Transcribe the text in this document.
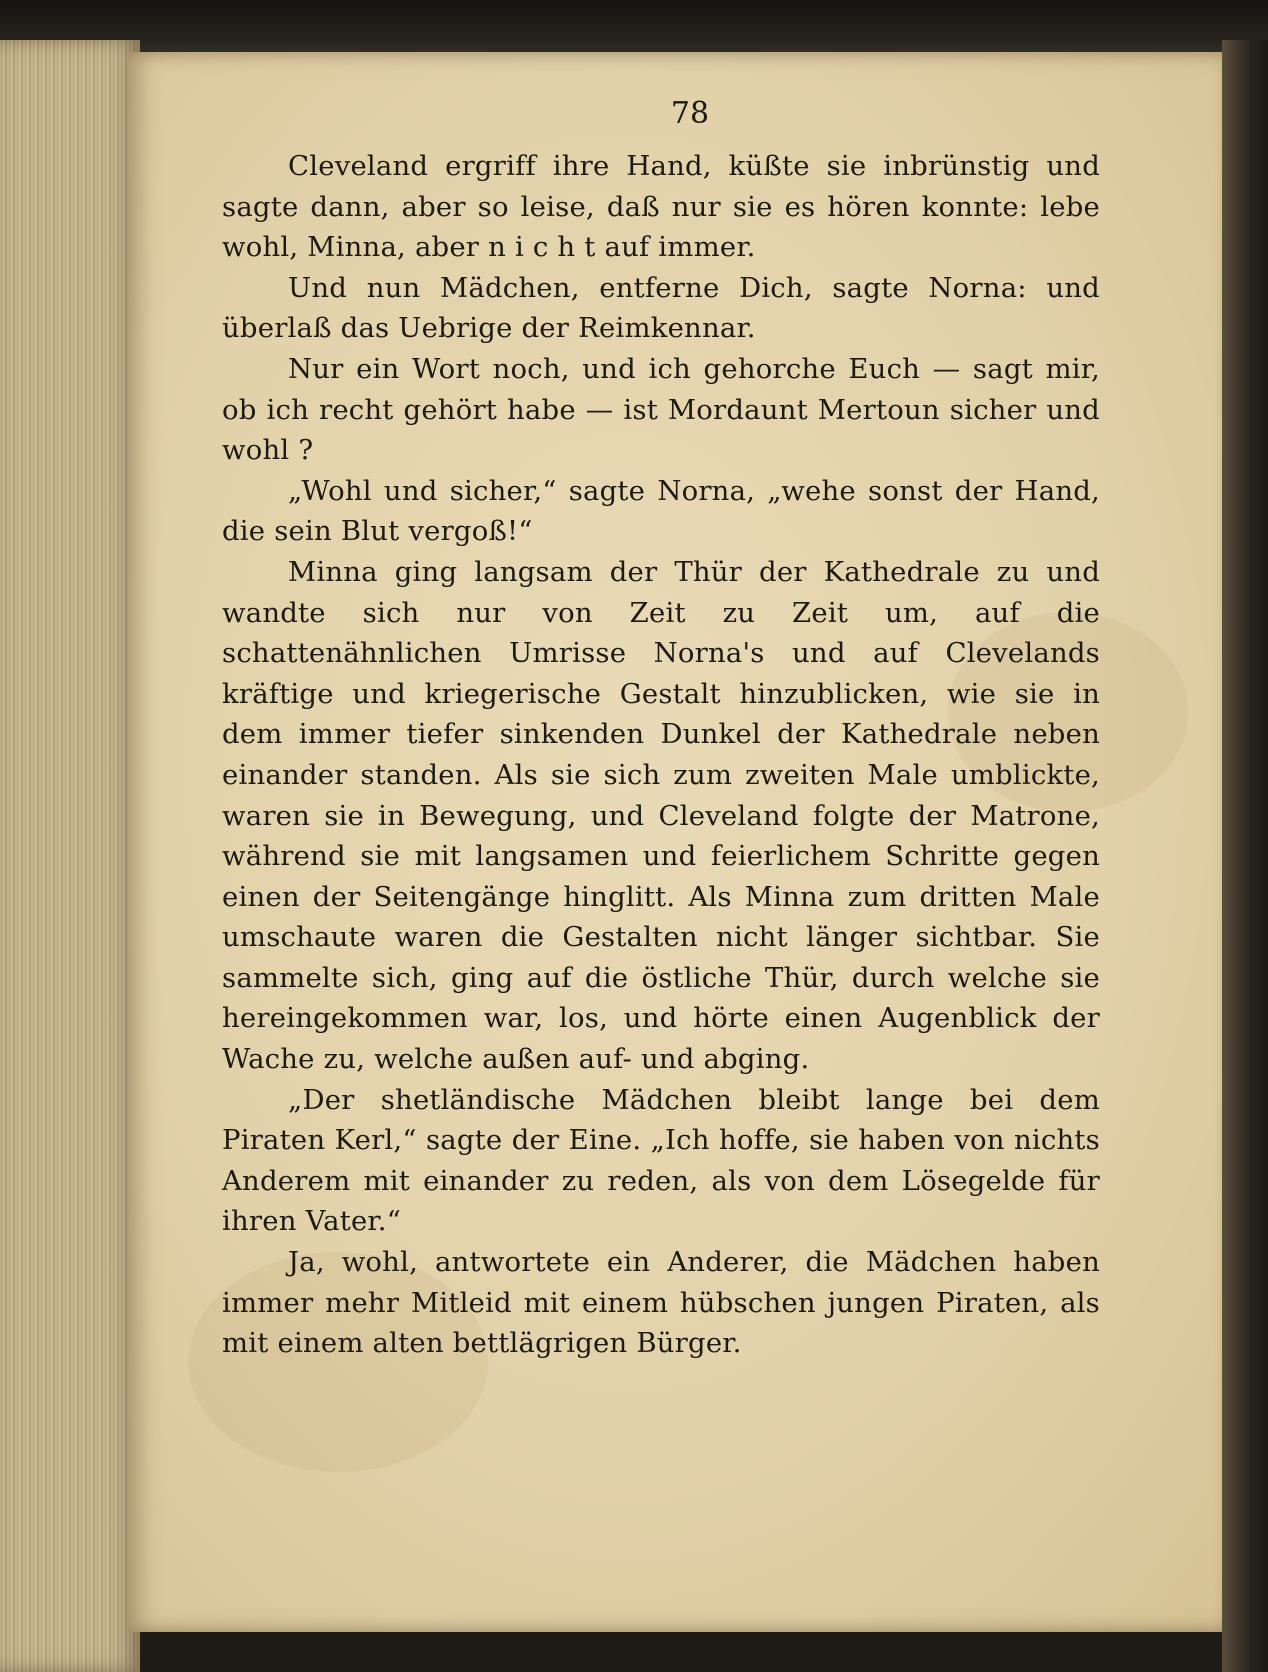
78

Cleveland ergriff ihre Hand, küßte sie inbrünstig und sagte dann, aber so leise, daß nur sie es hören konnte: lebe wohl, Minna, aber n i c h t auf immer.

Und nun Mädchen, entferne Dich, sagte Norna: und überlaß das Uebrige der Reimkennar.

Nur ein Wort noch, und ich gehorche Euch — sagt mir, ob ich recht gehört habe — ist Mordaunt Mertoun sicher und wohl ?

„Wohl und sicher,“ sagte Norna, „wehe sonst der Hand, die sein Blut vergoß!“

Minna ging langsam der Thür der Kathedrale zu und wandte sich nur von Zeit zu Zeit um, auf die schattenähnlichen Umrisse Norna's und auf Clevelands kräftige und kriegerische Gestalt hinzublicken, wie sie in dem immer tiefer sinkenden Dunkel der Kathedrale neben einander standen. Als sie sich zum zweiten Male umblickte, waren sie in Bewegung, und Cleveland folgte der Matrone, während sie mit langsamen und feierlichem Schritte gegen einen der Seitengänge hinglitt. Als Minna zum dritten Male umschaute waren die Gestalten nicht länger sichtbar. Sie sammelte sich, ging auf die östliche Thür, durch welche sie hereingekommen war, los, und hörte einen Augenblick der Wache zu, welche außen auf- und abging.

„Der shetländische Mädchen bleibt lange bei dem Piraten Kerl,“ sagte der Eine. „Ich hoffe, sie haben von nichts Anderem mit einander zu reden, als von dem Lösegelde für ihren Vater.“

Ja, wohl, antwortete ein Anderer, die Mädchen haben immer mehr Mitleid mit einem hübschen jungen Piraten, als mit einem alten bettlägrigen Bürger.
